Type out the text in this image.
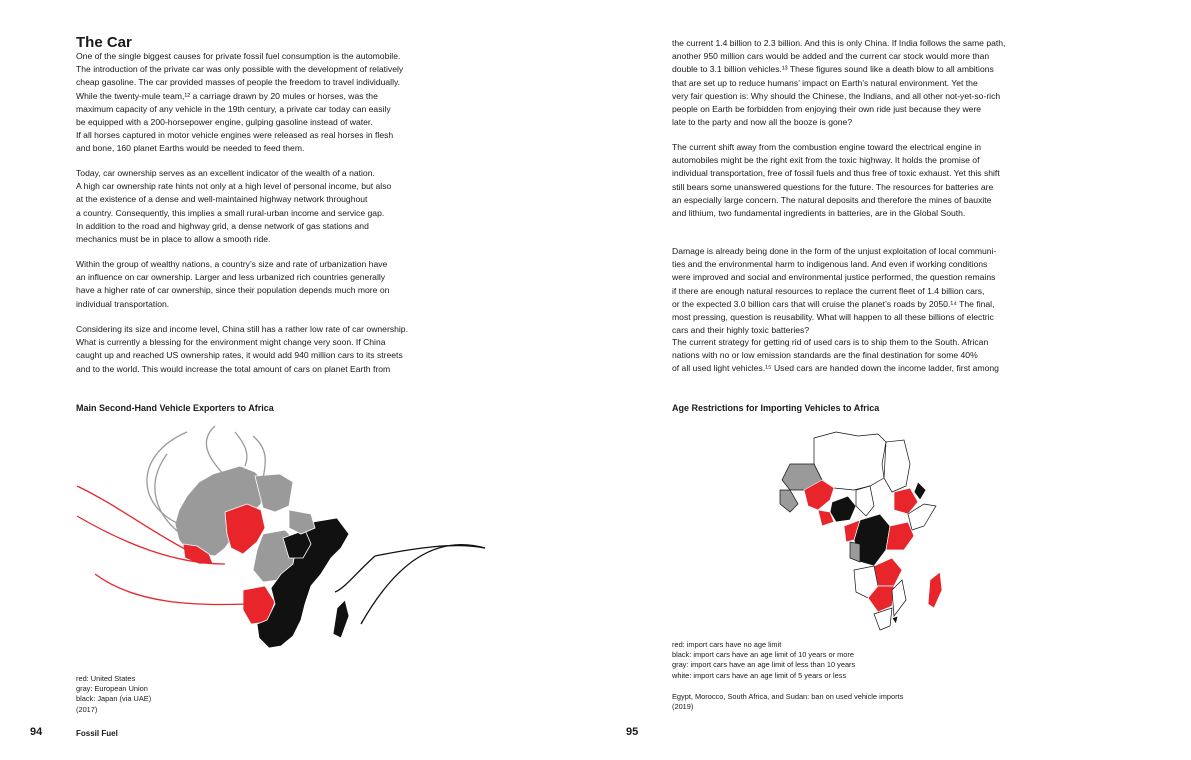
The Car
One of the single biggest causes for private fossil fuel consumption is the automobile.
The introduction of the private car was only possible with the development of relatively
cheap gasoline. The car provided masses of people the freedom to travel individually.
While the twenty-mule team,¹² a carriage drawn by 20 mules or horses, was the
maximum capacity of any vehicle in the 19th century, a private car today can easily
be equipped with a 200-horsepower engine, gulping gasoline instead of water.
If all horses captured in motor vehicle engines were released as real horses in flesh
and bone, 160 planet Earths would be needed to feed them.
Today, car ownership serves as an excellent indicator of the wealth of a nation.
A high car ownership rate hints not only at a high level of personal income, but also
at the existence of a dense and well-maintained highway network throughout
a country. Consequently, this implies a small rural-urban income and service gap.
In addition to the road and highway grid, a dense network of gas stations and
mechanics must be in place to allow a smooth ride.
Within the group of wealthy nations, a country’s size and rate of urbanization have
an influence on car ownership. Larger and less urbanized rich countries generally
have a higher rate of car ownership, since their population depends much more on
individual transportation.
Considering its size and income level, China still has a rather low rate of car ownership.
What is currently a blessing for the environment might change very soon. If China
caught up and reached US ownership rates, it would add 940 million cars to its streets
and to the world. This would increase the total amount of cars on planet Earth from
Main Second-Hand Vehicle Exporters to Africa
red: United States
gray: European Union
black: Japan (via UAE)
(2017)
94	Fossil Fuel
the current 1.4 billion to 2.3 billion. And this is only China. If India follows the same path,
another 950 million cars would be added and the current car stock would more than
double to 3.1 billion vehicles.¹³ These figures sound like a death blow to all ambitions
that are set up to reduce humans’ impact on Earth’s natural environment. Yet the
very fair question is: Why should the Chinese, the Indians, and all other not-yet-so-rich
people on Earth be forbidden from enjoying their own ride just because they were
late to the party and now all the booze is gone?
The current shift away from the combustion engine toward the electrical engine in
automobiles might be the right exit from the toxic highway. It holds the promise of
individual transportation, free of fossil fuels and thus free of toxic exhaust. Yet this shift
still bears some unanswered questions for the future. The resources for batteries are
an especially large concern. The natural deposits and therefore the mines of bauxite
and lithium, two fundamental ingredients in batteries, are in the Global South.
Damage is already being done in the form of the unjust exploitation of local communi-
ties and the environmental harm to indigenous land. And even if working conditions
were improved and social and environmental justice performed, the question remains
if there are enough natural resources to replace the current fleet of 1.4 billion cars,
or the expected 3.0 billion cars that will cruise the planet’s roads by 2050.¹⁴ The final,
most pressing, question is reusability. What will happen to all these billions of electric
cars and their highly toxic batteries?
The current strategy for getting rid of used cars is to ship them to the South. African
nations with no or low emission standards are the final destination for some 40%
of all used light vehicles.¹⁵ Used cars are handed down the income ladder, first among
Age Restrictions for Importing Vehicles to Africa
red: import cars have no age limit
black: import cars have an age limit of 10 years or more
gray: import cars have an age limit of less than 10 years
white: import cars have an age limit of 5 years or less
Egypt, Morocco, South Africa, and Sudan: ban on used vehicle imports
(2019)
95
